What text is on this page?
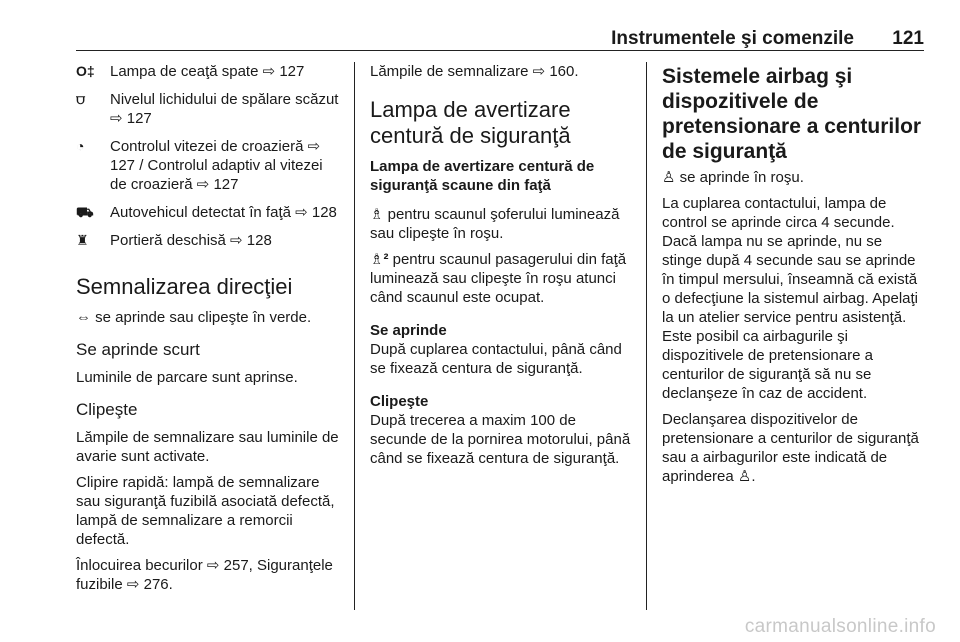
Instrumentele şi comenzile 121
O‡	Lampa de ceaţă spate ⇨ 127
⩌	Nivelul lichidului de spălare scăzut ⇨ 127
◔	Controlul vitezei de croazieră ⇨ 127 / Controlul adaptiv al vitezei de croazieră ⇨ 127
⛟	Autovehicul detectat în faţă ⇨ 128
♜	Portieră deschisă ⇨ 128
Semnalizarea direcţiei

⇔ se aprinde sau clipeşte în verde.

Se aprinde scurt

Luminile de parcare sunt aprinse.

Clipeşte

Lămpile de semnalizare sau luminile de avarie sunt activate.

Clipire rapidă: lampă de semnalizare sau siguranţă fuzibilă asociată defectă, lampă de semnalizare a remorcii defectă.

Înlocuirea becurilor ⇨ 257, Siguranţele fuzibile ⇨ 276.

Lămpile de semnalizare ⇨ 160.

Lampa de avertizare centură de siguranţă
Lampa de avertizare centură de siguranţă scaune din faţă

♗ pentru scaunul şoferului luminează sau clipeşte în roşu.

♗² pentru scaunul pasagerului din faţă luminează sau clipeşte în roşu atunci când scaunul este ocupat.

Se aprinde

După cuplarea contactului, până când se fixează centura de siguranţă.

Clipeşte

După trecerea a maxim 100 de secunde de la pornirea motorului, până când se fixează centura de siguranţă.

Sistemele airbag şi dispozitivele de pretensionare a centurilor de siguranţă

♙ se aprinde în roşu.

La cuplarea contactului, lampa de control se aprinde circa 4 secunde. Dacă lampa nu se aprinde, nu se stinge după 4 secunde sau se aprinde în timpul mersului, înseamnă că există o defecţiune la sistemul airbag. Apelaţi la un atelier service pentru asistenţă. Este posibil ca airbagurile şi dispozitivele de pretensionare a centurilor de siguranţă să nu se declanşeze în caz de accident.

Declanşarea dispozitivelor de pretensionare a centurilor de siguranţă sau a airbagurilor este indicată de aprinderea ♙.

carmanualsonline.info
